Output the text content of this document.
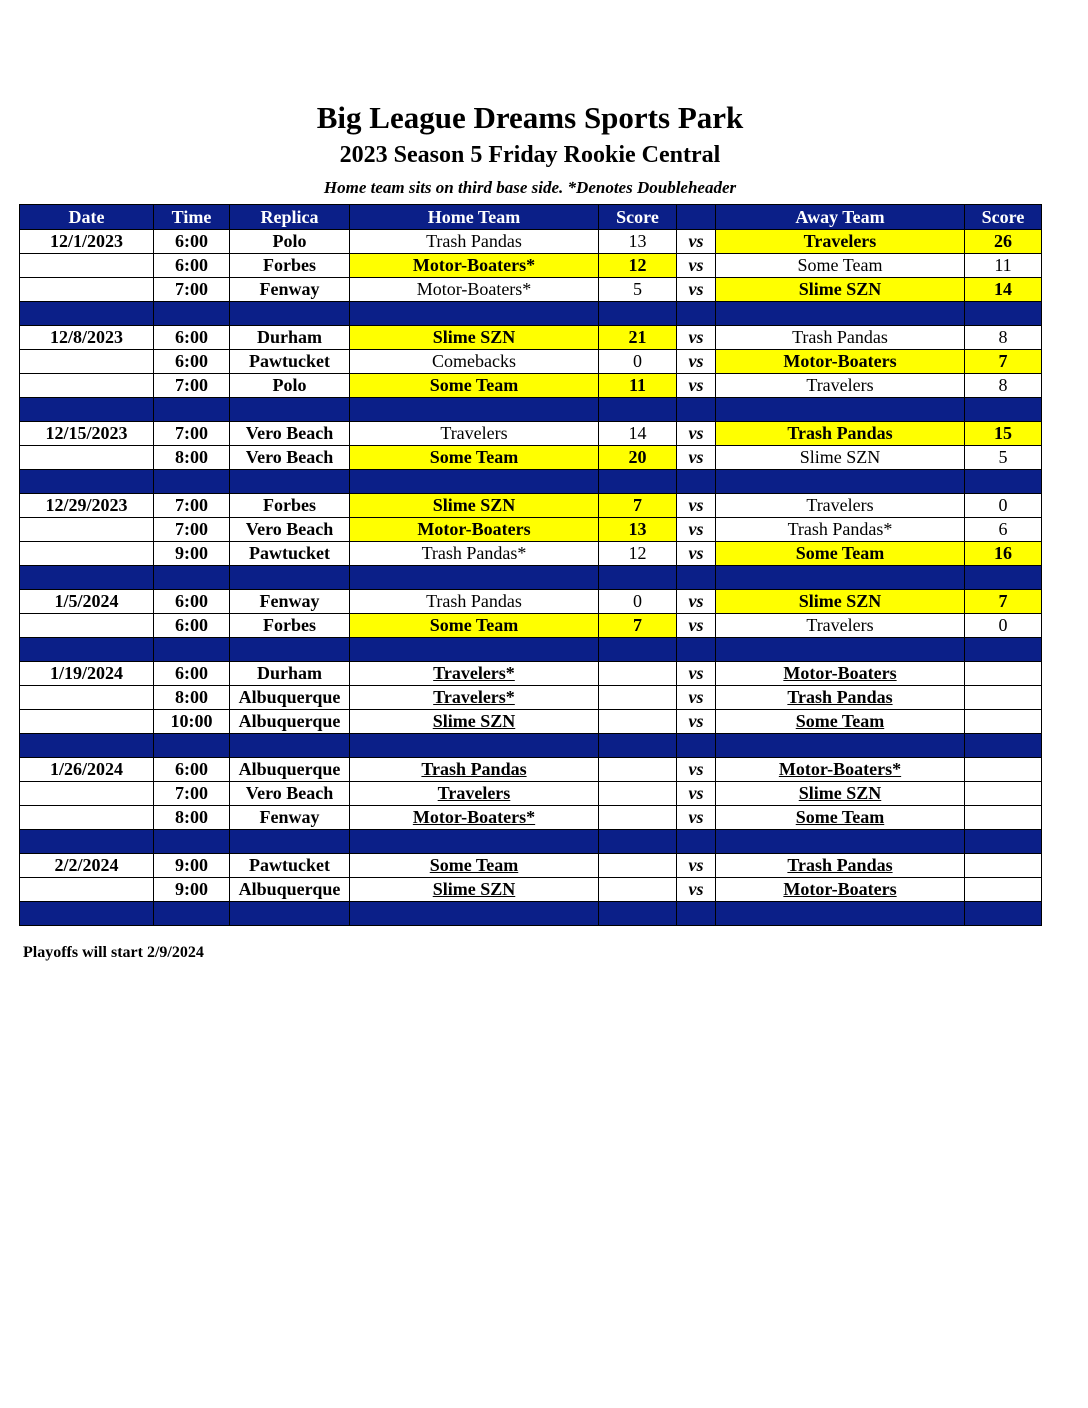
Big League Dreams Sports Park
2023 Season 5 Friday Rookie Central
Home team sits on third base side. *Denotes Doubleheader
Date	Time	Replica	Home Team	Score		Away Team	Score
12/1/2023	6:00	Polo	Trash Pandas	13	vs	Travelers	26
	6:00	Forbes	Motor-Boaters*	12	vs	Some Team	11
	7:00	Fenway	Motor-Boaters*	5	vs	Slime SZN	14

12/8/2023	6:00	Durham	Slime SZN	21	vs	Trash Pandas	8
	6:00	Pawtucket	Comebacks	0	vs	Motor-Boaters	7
	7:00	Polo	Some Team	11	vs	Travelers	8

12/15/2023	7:00	Vero Beach	Travelers	14	vs	Trash Pandas	15
	8:00	Vero Beach	Some Team	20	vs	Slime SZN	5

12/29/2023	7:00	Forbes	Slime SZN	7	vs	Travelers	0
	7:00	Vero Beach	Motor-Boaters	13	vs	Trash Pandas*	6
	9:00	Pawtucket	Trash Pandas*	12	vs	Some Team	16

1/5/2024	6:00	Fenway	Trash Pandas	0	vs	Slime SZN	7
	6:00	Forbes	Some Team	7	vs	Travelers	0

1/19/2024	6:00	Durham	Travelers*		vs	Motor-Boaters	
	8:00	Albuquerque	Travelers*		vs	Trash Pandas	
	10:00	Albuquerque	Slime SZN		vs	Some Team	

1/26/2024	6:00	Albuquerque	Trash Pandas		vs	Motor-Boaters*	
	7:00	Vero Beach	Travelers		vs	Slime SZN	
	8:00	Fenway	Motor-Boaters*		vs	Some Team	

2/2/2024	9:00	Pawtucket	Some Team		vs	Trash Pandas	
	9:00	Albuquerque	Slime SZN		vs	Motor-Boaters	

Playoffs will start 2/9/2024
